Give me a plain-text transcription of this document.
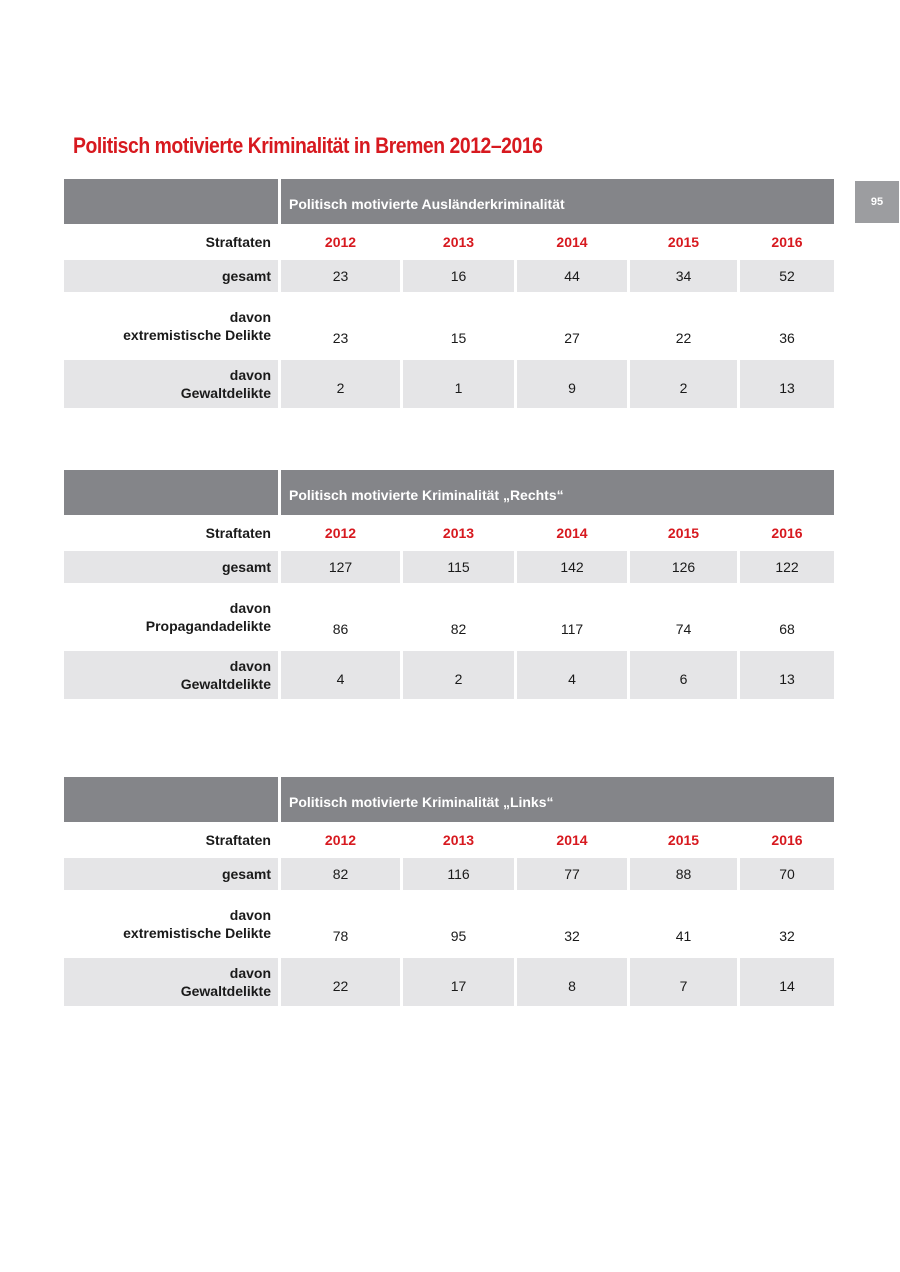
Politisch motivierte Kriminalität in Bremen 2012–2016
95
Politisch motivierte Ausländerkriminalität
Straftaten	2012	2013	2014	2015	2016
gesamt	23	16	44	34	52
davon
extremistische Delikte	23	15	27	22	36
davon
Gewaltdelikte	2	1	9	2	13
Politisch motivierte Kriminalität „Rechts“
Straftaten	2012	2013	2014	2015	2016
gesamt	127	115	142	126	122
davon
Propagandadelikte	86	82	117	74	68
davon
Gewaltdelikte	4	2	4	6	13
Politisch motivierte Kriminalität „Links“
Straftaten	2012	2013	2014	2015	2016
gesamt	82	116	77	88	70
davon
extremistische Delikte	78	95	32	41	32
davon
Gewaltdelikte	22	17	8	7	14
